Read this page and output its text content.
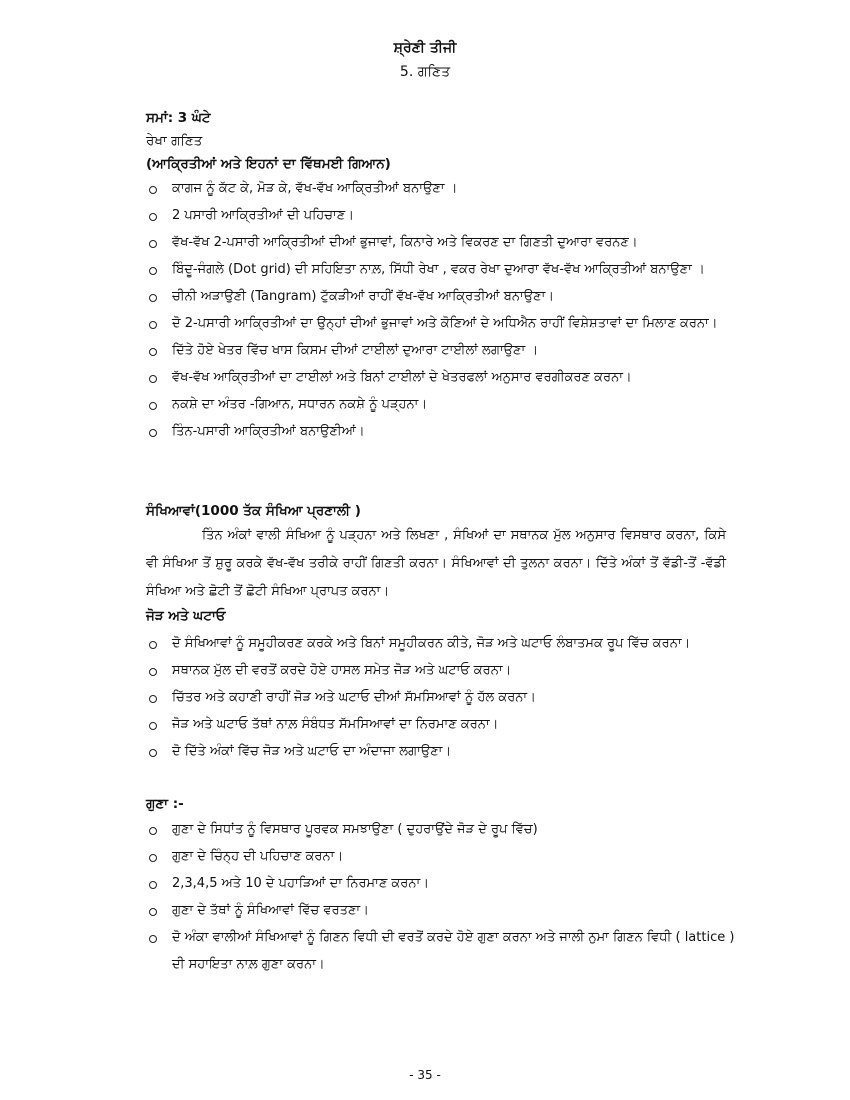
ਸ਼੍ਰੇਣੀ ਤੀਜੀ
5. ਗਣਿਤ
ਸਮਾਂ: 3 ਘੰਟੇ
ਰੇਖਾ ਗਣਿਤ
(ਆਕ੍ਰਿਤੀਆਂ ਅਤੇ ਇਹਨਾਂ ਦਾ ਵਿੱਥਮਈ ਗਿਆਨ)
ਕਾਗਜ ਨੂੰ ਕੱਟ ਕੇ, ਮੋੜ ਕੇ, ਵੱਖ-ਵੱਖ ਆਕ੍ਰਿਤੀਆਂ ਬਨਾਉਣਾ ।
2 ਪਸਾਰੀ ਆਕ੍ਰਿਤੀਆਂ ਦੀ ਪਹਿਚਾਣ।
ਵੱਖ-ਵੱਖ 2-ਪਸਾਰੀ ਆਕ੍ਰਿਤੀਆਂ ਦੀਆਂ ਭੁਜਾਵਾਂ, ਕਿਨਾਰੇ ਅਤੇ ਵਿਕਰਣ ਦਾ ਗਿਣਤੀ ਦੁਆਰਾ ਵਰਨਣ।
ਬਿੰਦੂ-ਜੰਗਲੇ (Dot grid) ਦੀ ਸਹਿਇਤਾ ਨਾਲ਼, ਸਿੱਧੀ ਰੇਖਾ , ਵਕਰ ਰੇਖਾ ਦੁਆਰਾ ਵੱਖ-ਵੱਖ ਆਕ੍ਰਿਤੀਆਂ ਬਨਾਉਣਾ ।
ਚੀਨੀ ਅੜਾਉਣੀ (Tangram) ਟੁੱਕੜੀਆਂ ਰਾਹੀਂ ਵੱਖ-ਵੱਖ ਆਕ੍ਰਿਤੀਆਂ ਬਨਾਉਣਾ।
ਦੋ 2-ਪਸਾਰੀ ਆਕ੍ਰਿਤੀਆਂ ਦਾ ਉਨ੍ਹਾਂ ਦੀਆਂ ਭੁਜਾਵਾਂ ਅਤੇ ਕੋਣਿਆਂ ਦੇ ਅਧਿਐਨ ਰਾਹੀਂ ਵਿਸ਼ੇਸ਼ਤਾਵਾਂ ਦਾ ਮਿਲਾਣ ਕਰਨਾ।
ਦਿੱਤੇ ਹੋਏ ਖੇਤਰ ਵਿੱਚ ਖਾਸ ਕਿਸਮ ਦੀਆਂ ਟਾਈਲਾਂ ਦੁਆਰਾ ਟਾਈਲਾਂ ਲਗਾਉਣਾ ।
ਵੱਖ-ਵੱਖ ਆਕ੍ਰਿਤੀਆਂ ਦਾ ਟਾਈਲਾਂ ਅਤੇ ਬਿਨਾਂ ਟਾਈਲਾਂ ਦੇ ਖੇਤਰਫਲਾਂ ਅਨੁਸਾਰ ਵਰਗੀਕਰਣ ਕਰਨਾ।
ਨਕਸ਼ੇ ਦਾ ਅੰਤਰ -ਗਿਆਨ, ਸਧਾਰਨ ਨਕਸ਼ੇ ਨੂੰ ਪੜ੍ਹਨਾ।
ਤਿੰਨ-ਪਸਾਰੀ ਆਕ੍ਰਿਤੀਆਂ ਬਨਾਉਣੀਆਂ।
ਸੰਖਿਆਵਾਂ(1000 ਤੱਕ ਸੰਖਿਆ ਪ੍ਰਣਾਲੀ )

ਤਿੰਨ ਅੰਕਾਂ ਵਾਲੀ ਸੰਖਿਆ ਨੂੰ ਪੜ੍ਹਨਾ ਅਤੇ ਲਿਖਣਾ , ਸੰਖਿਆਂ ਦਾ ਸਥਾਨਕ ਮੁੱਲ ਅਨੁਸਾਰ ਵਿਸਥਾਰ ਕਰਨਾ, ਕਿਸੇ ਵੀ ਸੰਖਿਆ ਤੋਂ ਸ਼ੁਰੂ ਕਰਕੇ ਵੱਖ-ਵੱਖ ਤਰੀਕੇ ਰਾਹੀਂ ਗਿਣਤੀ ਕਰਨਾ। ਸੰਖਿਆਵਾਂ ਦੀ ਤੁਲਨਾ ਕਰਨਾ। ਦਿੱਤੇ ਅੰਕਾਂ ਤੋਂ ਵੱਡੀ-ਤੋਂ -ਵੱਡੀ ਸੰਖਿਆ ਅਤੇ ਛੋਟੀ ਤੋਂ ਛੋਟੀ ਸੰਖਿਆ ਪ੍ਰਾਪਤ ਕਰਨਾ।

ਜੋੜ ਅਤੇ ਘਟਾਓ
ਦੋ ਸੰਖਿਆਵਾਂ ਨੂੰ ਸਮੂਹੀਕਰਣ ਕਰਕੇ ਅਤੇ ਬਿਨਾਂ ਸਮੂਹੀਕਰਨ ਕੀਤੇ, ਜੋੜ ਅਤੇ ਘਟਾਓ ਲੰਬਾਤਮਕ ਰੂਪ ਵਿੱਚ ਕਰਨਾ।
ਸਥਾਨਕ ਮੁੱਲ ਦੀ ਵਰਤੋਂ ਕਰਦੇ ਹੋਏ ਹਾਸਲ ਸਮੇਤ ਜੋੜ ਅਤੇ ਘਟਾਓ ਕਰਨਾ।
ਚਿੱਤਰ ਅਤੇ ਕਹਾਣੀ ਰਾਹੀਂ ਜੋੜ ਅਤੇ ਘਟਾਓ ਦੀਆਂ ਸੱਮਸਿਆਵਾਂ ਨੂੰ ਹੱਲ ਕਰਨਾ।
ਜੋੜ ਅਤੇ ਘਟਾਓ ਤੱਥਾਂ ਨਾਲ਼ ਸੰਬੰਧਤ ਸੱਮਸਿਆਵਾਂ ਦਾ ਨਿਰਮਾਣ ਕਰਨਾ।
ਦੋ ਦਿੱਤੇ ਅੰਕਾਂ ਵਿੱਚ ਜੋੜ ਅਤੇ ਘਟਾਓ ਦਾ ਅੰਦਾਜਾ ਲਗਾਉਣਾ।
ਗੁਣਾ :-
ਗੁਣਾ ਦੇ ਸਿਧਾਂਤ ਨੂੰ ਵਿਸਥਾਰ ਪੂਰਵਕ ਸਮਝਾਉਣਾ ( ਦੁਹਰਾਉਂਦੇ ਜੋੜ ਦੇ ਰੂਪ ਵਿੱਚ)
ਗੁਣਾ ਦੇ ਚਿੰਨ੍ਹ ਦੀ ਪਹਿਚਾਣ ਕਰਨਾ।
2,3,4,5 ਅਤੇ 10 ਦੇ ਪਹਾੜਿਆਂ ਦਾ ਨਿਰਮਾਣ ਕਰਨਾ।
ਗੁਣਾ ਦੇ ਤੱਥਾਂ ਨੂੰ ਸੰਖਿਆਵਾਂ ਵਿੱਚ ਵਰਤਣਾ।
ਦੋ ਅੰਕਾ ਵਾਲੀਆਂ ਸੰਖਿਆਵਾਂ ਨੂੰ ਗਿਣਨ ਵਿਧੀ ਦੀ ਵਰਤੋਂ ਕਰਦੇ ਹੋਏ ਗੁਣਾ ਕਰਨਾ ਅਤੇ ਜਾਲੀ ਨੁਮਾ ਗਿਣਨ ਵਿਧੀ ( lattice ) ਦੀ ਸਹਾਇਤਾ ਨਾਲ਼ ਗੁਣਾ ਕਰਨਾ।
- 35 -
